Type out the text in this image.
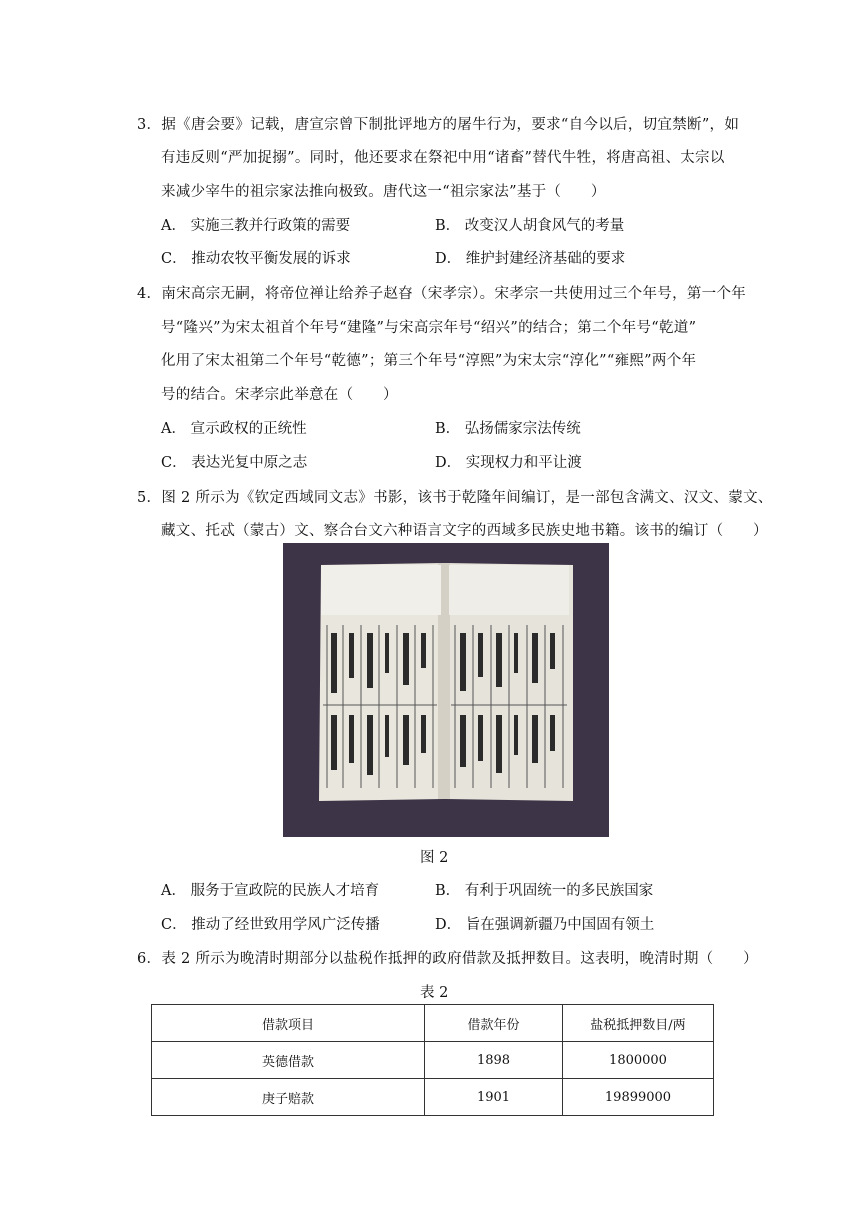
3．据《唐会要》记载，唐宣宗曾下制批评地方的屠牛行为，要求“自今以后，切宜禁断”，如
有违反则“严加捉搦”。同时，他还要求在祭祀中用“诸畜”替代牛牲，将唐高祖、太宗以
来减少宰牛的祖宗家法推向极致。唐代这一“祖宗家法”基于（　　）
A． 实施三教并行政策的需要	B． 改变汉人胡食风气的考量
C． 推动农牧平衡发展的诉求	D． 维护封建经济基础的要求
4．南宋高宗无嗣，将帝位禅让给养子赵昚（宋孝宗）。宋孝宗一共使用过三个年号，第一个年
号“隆兴”为宋太祖首个年号“建隆”与宋高宗年号“绍兴”的结合；第二个年号“乾道”
化用了宋太祖第二个年号“乾德”；第三个年号“淳熙”为宋太宗“淳化”“雍熙”两个年
号的结合。宋孝宗此举意在（　　）
A． 宣示政权的正统性	B． 弘扬儒家宗法传统
C． 表达光复中原之志	D． 实现权力和平让渡
5．图 2 所示为《钦定西域同文志》书影，该书于乾隆年间编订，是一部包含满文、汉文、蒙文、
藏文、托忒（蒙古）文、察合台文六种语言文字的西域多民族史地书籍。该书的编订（　　）
图 2
A． 服务于宣政院的民族人才培育	B． 有利于巩固统一的多民族国家
C． 推动了经世致用学风广泛传播	D． 旨在强调新疆乃中国固有领土
6．表 2 所示为晚清时期部分以盐税作抵押的政府借款及抵押数目。这表明，晚清时期（　　）
表 2
借款项目	借款年份	盐税抵押数目/两
英德借款	1898	1800000
庚子赔款	1901	19899000
